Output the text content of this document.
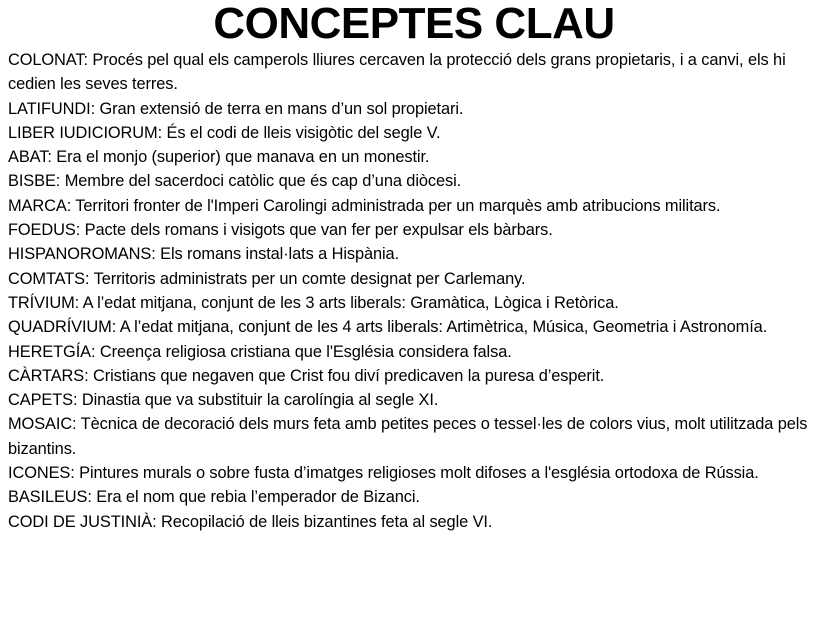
CONCEPTES CLAU
COLONAT: Procés pel qual els camperols lliures cercaven la protecció dels grans propietaris, i a canvi, els hi cedien les seves terres.
LATIFUNDI: Gran extensió de terra en mans d’un sol propietari.
LIBER IUDICIORUM: És el codi de lleis visigòtic del segle V.
ABAT: Era el monjo (superior) que manava en un monestir.
BISBE: Membre del sacerdoci catòlic que és cap d’una diòcesi.
MARCA: Territori fronter de l'Imperi Carolingi administrada per un marquès amb atribucions militars.
FOEDUS: Pacte dels romans i visigots que van fer per expulsar els bàrbars.
HISPANOROMANS: Els romans instal·lats a Hispània.
COMTATS: Territoris administrats per un comte designat per Carlemany.
TRÍVIUM: A l’edat mitjana, conjunt de les 3 arts liberals: Gramàtica, Lògica i Retòrica.
QUADRÍVIUM: A l’edat mitjana, conjunt de les 4 arts liberals: Artimètrica, Música, Geometria i Astronomía.
HERETGÍA: Creença religiosa cristiana que l'Església considera falsa.
CÀRTARS: Cristians que negaven que Crist fou diví predicaven la puresa d’esperit.
CAPETS: Dinastia que va substituir la carolíngia al segle XI.
MOSAIC: Tècnica de decoració dels murs feta amb petites peces o tessel·les de colors vius, molt utilitzada pels bizantins.
ICONES: Pintures murals o sobre fusta d’imatges religioses molt difoses a l'església ortodoxa de Rússia.
BASILEUS: Era el nom que rebia l’emperador de Bizanci.
CODI DE JUSTINIÀ: Recopilació de lleis bizantines feta al segle VI.
